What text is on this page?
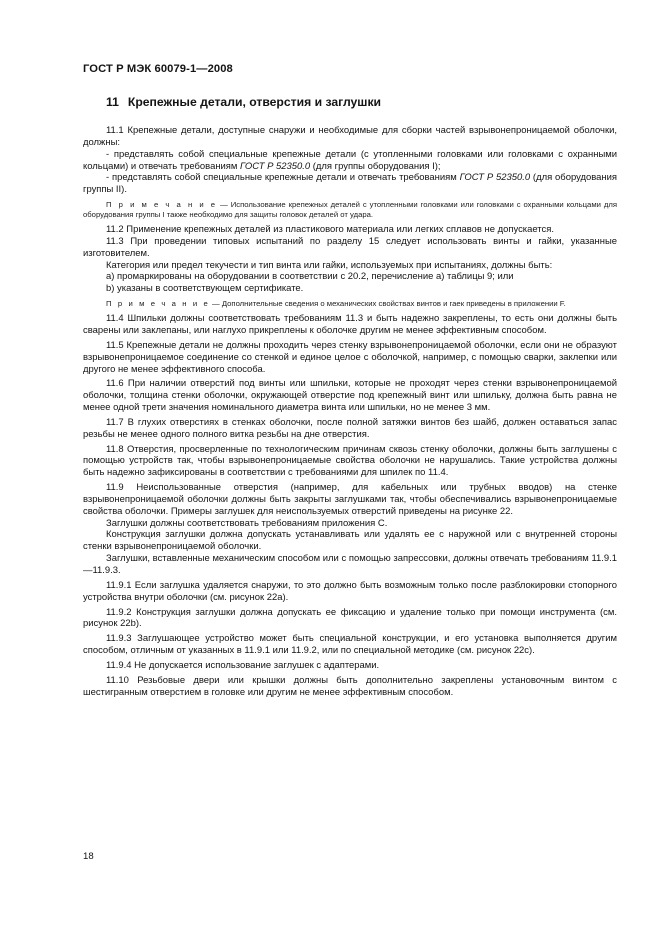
ГОСТ Р МЭК 60079-1—2008
11 Крепежные детали, отверстия и заглушки

11.1 Крепежные детали, доступные снаружи и необходимые для сборки частей взрывонепроницаемой оболочки, должны:

- представлять собой специальные крепежные детали (с утопленными головками или головками с охранными кольцами) и отвечать требованиям ГОСТ Р 52350.0 (для группы оборудования I);

- представлять собой специальные крепежные детали и отвечать требованиям ГОСТ Р 52350.0 (для оборудования группы II).

П р и м е ч а н и е — Использование крепежных деталей с утопленными головками или головками с охранными кольцами для оборудования группы I также необходимо для защиты головок деталей от удара.

11.2 Применение крепежных деталей из пластикового материала или легких сплавов не допускается.

11.3 При проведении типовых испытаний по разделу 15 следует использовать винты и гайки, указанные изготовителем.

Категория или предел текучести и тип винта или гайки, используемых при испытаниях, должны быть:

a) промаркированы на оборудовании в соответствии с 20.2, перечисление a) таблицы 9; или

b) указаны в соответствующем сертификате.

П р и м е ч а н и е — Дополнительные сведения о механических свойствах винтов и гаек приведены в приложении F.

11.4 Шпильки должны соответствовать требованиям 11.3 и быть надежно закреплены, то есть они должны быть сварены или заклепаны, или наглухо прикреплены к оболочке другим не менее эффективным способом.

11.5 Крепежные детали не должны проходить через стенку взрывонепроницаемой оболочки, если они не образуют взрывонепроницаемое соединение со стенкой и единое целое с оболочкой, например, с помощью сварки, заклепки или другого не менее эффективного способа.

11.6 При наличии отверстий под винты или шпильки, которые не проходят через стенки взрывонепроницаемой оболочки, толщина стенки оболочки, окружающей отверстие под крепежный винт или шпильку, должна быть равна не менее одной трети значения номинального диаметра винта или шпильки, но не менее 3 мм.

11.7 В глухих отверстиях в стенках оболочки, после полной затяжки винтов без шайб, должен оставаться запас резьбы не менее одного полного витка резьбы на дне отверстия.

11.8 Отверстия, просверленные по технологическим причинам сквозь стенку оболочки, должны быть заглушены с помощью устройств так, чтобы взрывонепроницаемые свойства оболочки не нарушались. Такие устройства должны быть надежно зафиксированы в соответствии с требованиями для шпилек по 11.4.

11.9 Неиспользованные отверстия (например, для кабельных или трубных вводов) на стенке взрывонепроницаемой оболочки должны быть закрыты заглушками так, чтобы обеспечивались взрывонепроницаемые свойства оболочки. Примеры заглушек для неиспользуемых отверстий приведены на рисунке 22.

Заглушки должны соответствовать требованиям приложения С.

Конструкция заглушки должна допускать устанавливать или удалять ее с наружной или с внутренней стороны стенки взрывонепроницаемой оболочки.

Заглушки, вставленные механическим способом или с помощью запрессовки, должны отвечать требованиям 11.9.1—11.9.3.

11.9.1 Если заглушка удаляется снаружи, то это должно быть возможным только после разблокировки стопорного устройства внутри оболочки (см. рисунок 22a).

11.9.2 Конструкция заглушки должна допускать ее фиксацию и удаление только при помощи инструмента (см. рисунок 22b).

11.9.3 Заглушающее устройство может быть специальной конструкции, и его установка выполняется другим способом, отличным от указанных в 11.9.1 или 11.9.2, или по специальной методике (см. рисунок 22c).

11.9.4 Не допускается использование заглушек с адаптерами.

11.10 Резьбовые двери или крышки должны быть дополнительно закреплены установочным винтом с шестигранным отверстием в головке или другим не менее эффективным способом.

18
